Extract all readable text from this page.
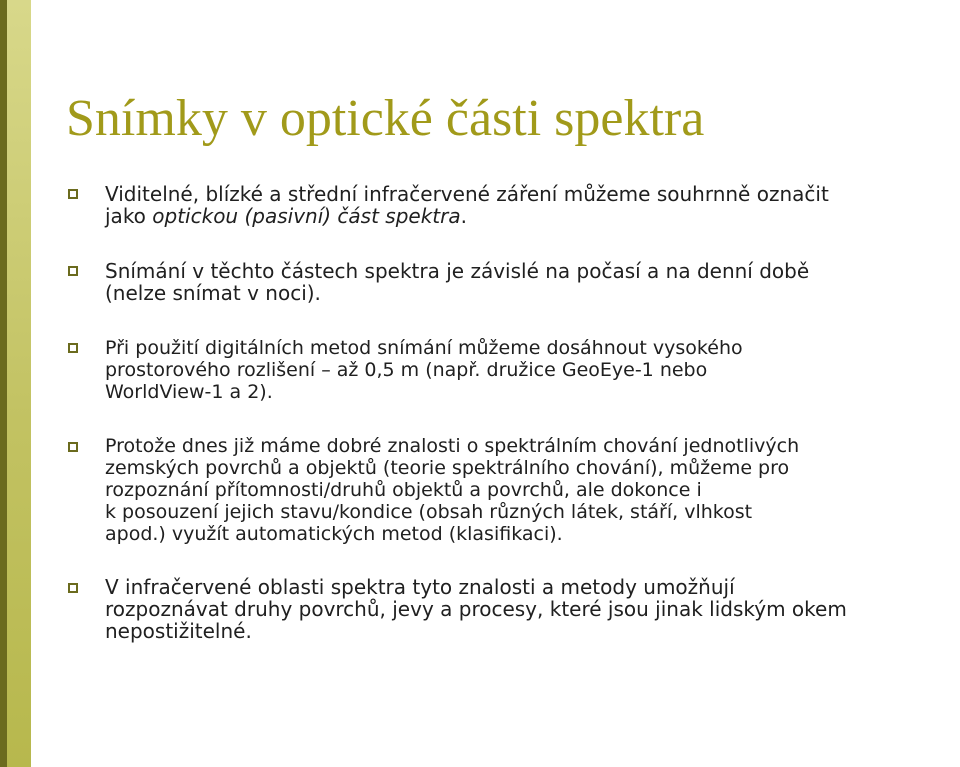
Snímky v optické části spektra

Viditelné, blízké a střední infračervené záření můžeme souhrnně označit
jako optickou (pasivní) část spektra.

Snímání v těchto částech spektra je závislé na počasí a na denní době
(nelze snímat v noci).

Při použití digitálních metod snímání můžeme dosáhnout vysokého
prostorového rozlišení – až 0,5 m (např. družice GeoEye-1 nebo
WorldView-1 a 2).

Protože dnes již máme dobré znalosti o spektrálním chování jednotlivých
zemských povrchů a objektů (teorie spektrálního chování), můžeme pro
rozpoznání přítomnosti/druhů objektů a povrchů, ale dokonce i
k posouzení jejich stavu/kondice (obsah různých látek, stáří, vlhkost
apod.) využít automatických metod (klasifikaci).

V infračervené oblasti spektra tyto znalosti a metody umožňují
rozpoznávat druhy povrchů, jevy a procesy, které jsou jinak lidským okem
nepostižitelné.
